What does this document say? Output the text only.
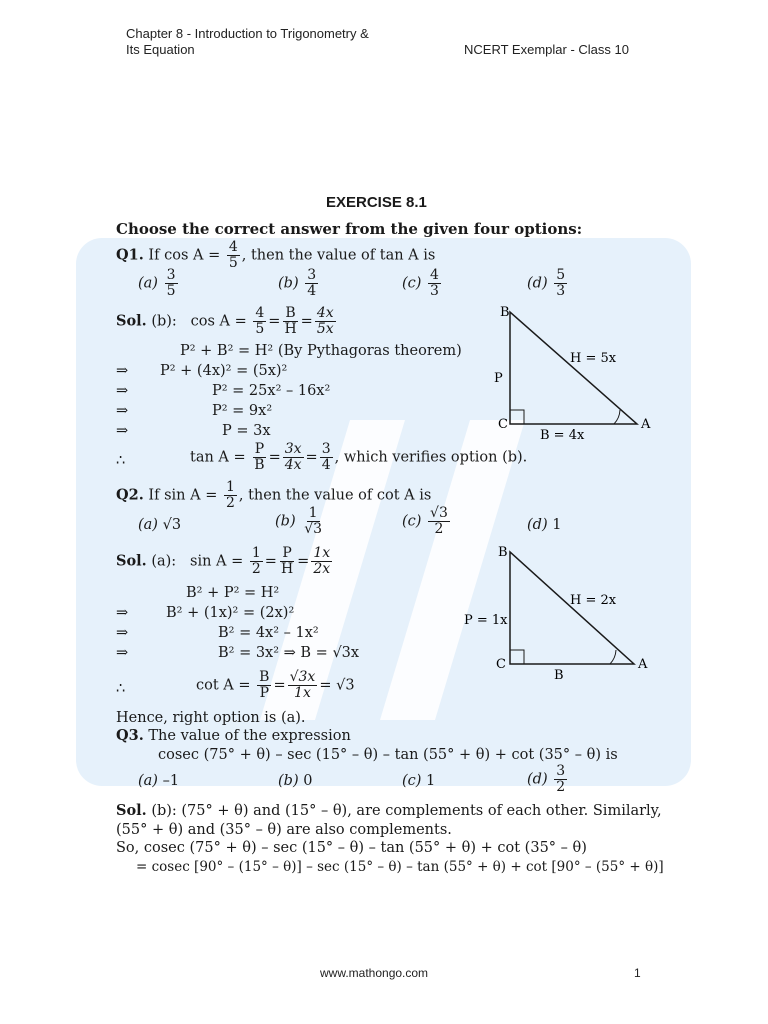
Chapter 8 - Introduction to Trigonometry &
Its Equation	NCERT Exemplar - Class 10
EXERCISE 8.1
Choose the correct answer from the given four options:
Q1. If $\cos A = \frac{4}{5}$ , then the value of tan A is
$(a) \frac{3}{5}$	$(b) \frac{3}{4}$	$(c) \frac{4}{3}$	$(d) \frac{5}{3}$
Sol. (b): $\cos A = \frac{4}{5} = \frac{B}{H} = \frac{4x}{5x}$
P² + B² = H² (By Pythagoras theorem)
⇒ P² + (4x)² = (5x)²
⇒	P² = 25x² – 16x²
⇒	P² = 9x²
⇒	P = 3x
∴	$\tan A = \frac{P}{B} = \frac{3x}{4x} = \frac{3}{4}$ , which verifies option (b).
B
P
C
H = 5x
B = 4x
A
Q2. If $\sin A = \frac{1}{2}$ , then the value of cot A is
(a) √3	$(b) \frac{1}{√3}$	$(c) \frac{√3}{2}$	(d) 1
Sol. (a): $\sin A = \frac{1}{2} = \frac{P}{H} = \frac{1x}{2x}$
B² + P² = H²
⇒	B² + (1x)² = (2x)²
⇒	B² = 4x² – 1x²
⇒	B² = 3x² ⇒ B = √3x
∴	$\cot A = \frac{B}{P} = \frac{√3x}{1x} = √3$
Hence, right option is (a).
B
P = 1x
C
H = 2x
B
A
Q3. The value of the expression
cosec (75° + θ) – sec (15° – θ) – tan (55° + θ) + cot (35° – θ) is
(a) –1	(b) 0	(c) 1	$(d) \frac{3}{2}$
Sol. (b): (75° + θ) and (15° – θ), are complements of each other. Similarly,
(55° + θ) and (35° – θ) are also complements.
So, cosec (75° + θ) – sec (15° – θ) – tan (55° + θ) + cot (35° – θ)
= cosec [90° – (15° – θ)] – sec (15° – θ) – tan (55° + θ) + cot [90° – (55° + θ)]
www.mathongo.com	1
